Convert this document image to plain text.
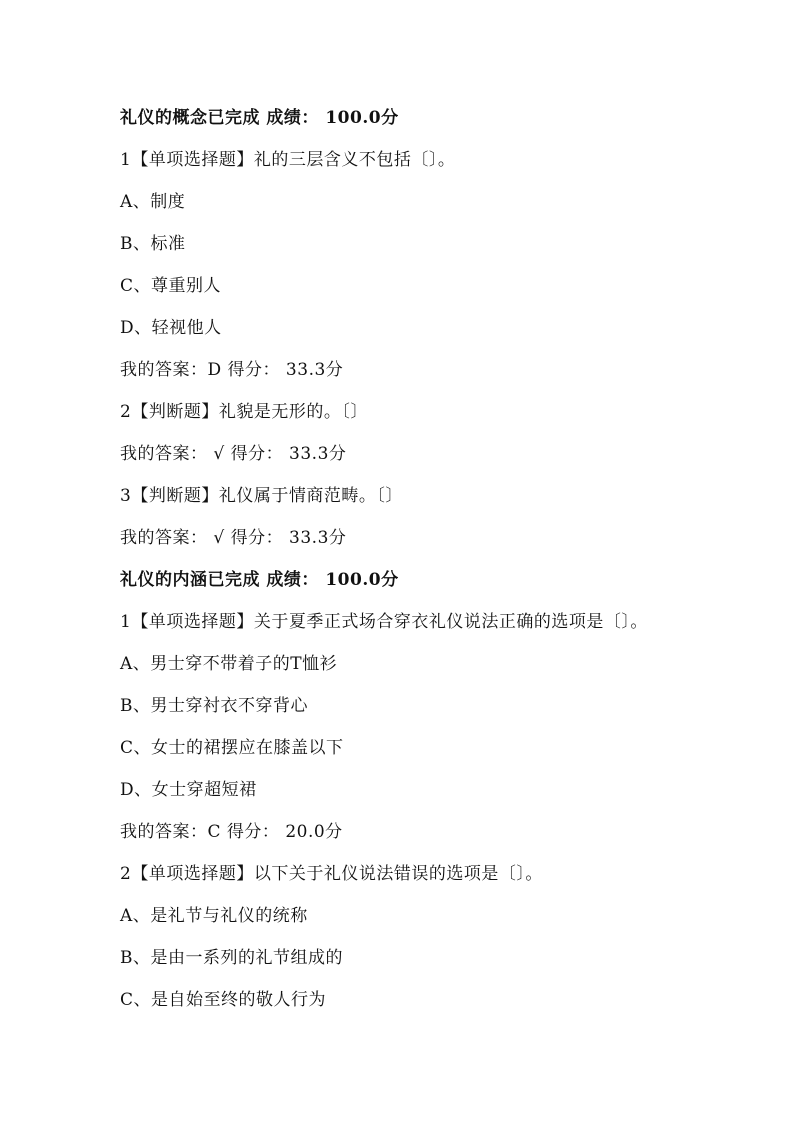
礼仪的概念已完成 成绩： 100.0分
1【单项选择题】礼的三层含义不包括〔〕。
A、制度
B、标准
C、尊重别人
D、轻视他人
我的答案：D 得分： 33.3分
2【判断题】礼貌是无形的。〔〕
我的答案： √ 得分： 33.3分
3【判断题】礼仪属于情商范畴。〔〕
我的答案： √ 得分： 33.3分
礼仪的内涵已完成 成绩： 100.0分
1【单项选择题】关于夏季正式场合穿衣礼仪说法正确的选项是〔〕。
A、男士穿不带着子的T恤衫
B、男士穿衬衣不穿背心
C、女士的裙摆应在膝盖以下
D、女士穿超短裙
我的答案：C 得分： 20.0分
2【单项选择题】以下关于礼仪说法错误的选项是〔〕。
A、是礼节与礼仪的统称
B、是由一系列的礼节组成的
C、是自始至终的敬人行为
